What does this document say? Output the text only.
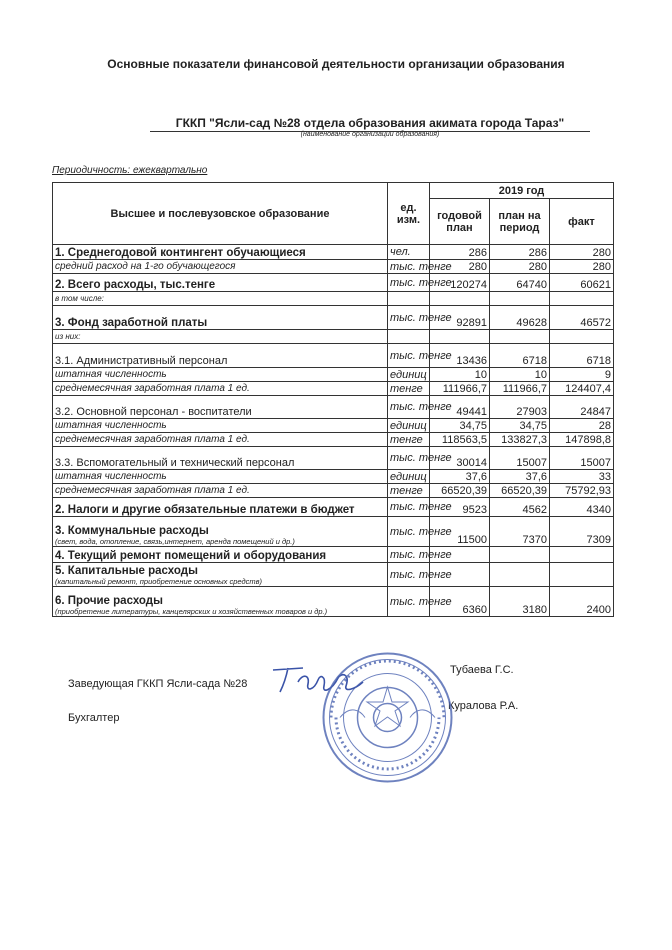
Основные показатели финансовой деятельности организации образования
ГККП "Ясли-сад №28 отдела образования акимата города Тараз"
(наименование организации образования)
Периодичность: ежеквартально
Высшее и послевузовское образование	ед. изм.	2019 год		
		годовой план	план на период	факт
1. Среднегодовой контингент обучающиеся	чел.	286	286	280
средний расход на 1-го обучающегося	тыс. тенге	280	280	280
2. Всего расходы, тыс.тенге	тыс. тенге	120274	64740	60621
в том числе:				
3. Фонд заработной платы	тыс. тенге	92891	49628	46572
из них:				
3.1. Административный персонал	тыс. тенге	13436	6718	6718
штатная численность	единиц	10	10	9
среднемесячная заработная плата 1 ед.	тенге	111966,7	111966,7	124407,4
3.2. Основной персонал - воспитатели	тыс. тенге	49441	27903	24847
штатная численность	единиц	34,75	34,75	28
среднемесячная заработная плата 1 ед.	тенге	118563,5	133827,3	147898,8
3.3. Вспомогательный и технический персонал	тыс. тенге	30014	15007	15007
штатная численность	единиц	37,6	37,6	33
среднемесячная заработная плата 1 ед.	тенге	66520,39	66520,39	75792,93
2. Налоги и другие обязательные платежи в бюджет	тыс. тенге	9523	4562	4340
3. Коммунальные расходы
(свет, вода, отопление, связь,интернет, аренда помещений и др.)	тыс. тенге	11500	7370	7309
4. Текущий ремонт помещений и оборудования	тыс. тенге			
5. Капитальные расходы
(капитальный ремонт, приобретение основных средств)	тыс. тенге			
6. Прочие расходы
(приобретение литературы, канцелярских и хозяйственных товаров и др.)	тыс. тенге	6360	3180	2400
Заведующая ГККП Ясли-сада №28
Тубаева Г.С.
Бухгалтер
Куралова Р.А.
